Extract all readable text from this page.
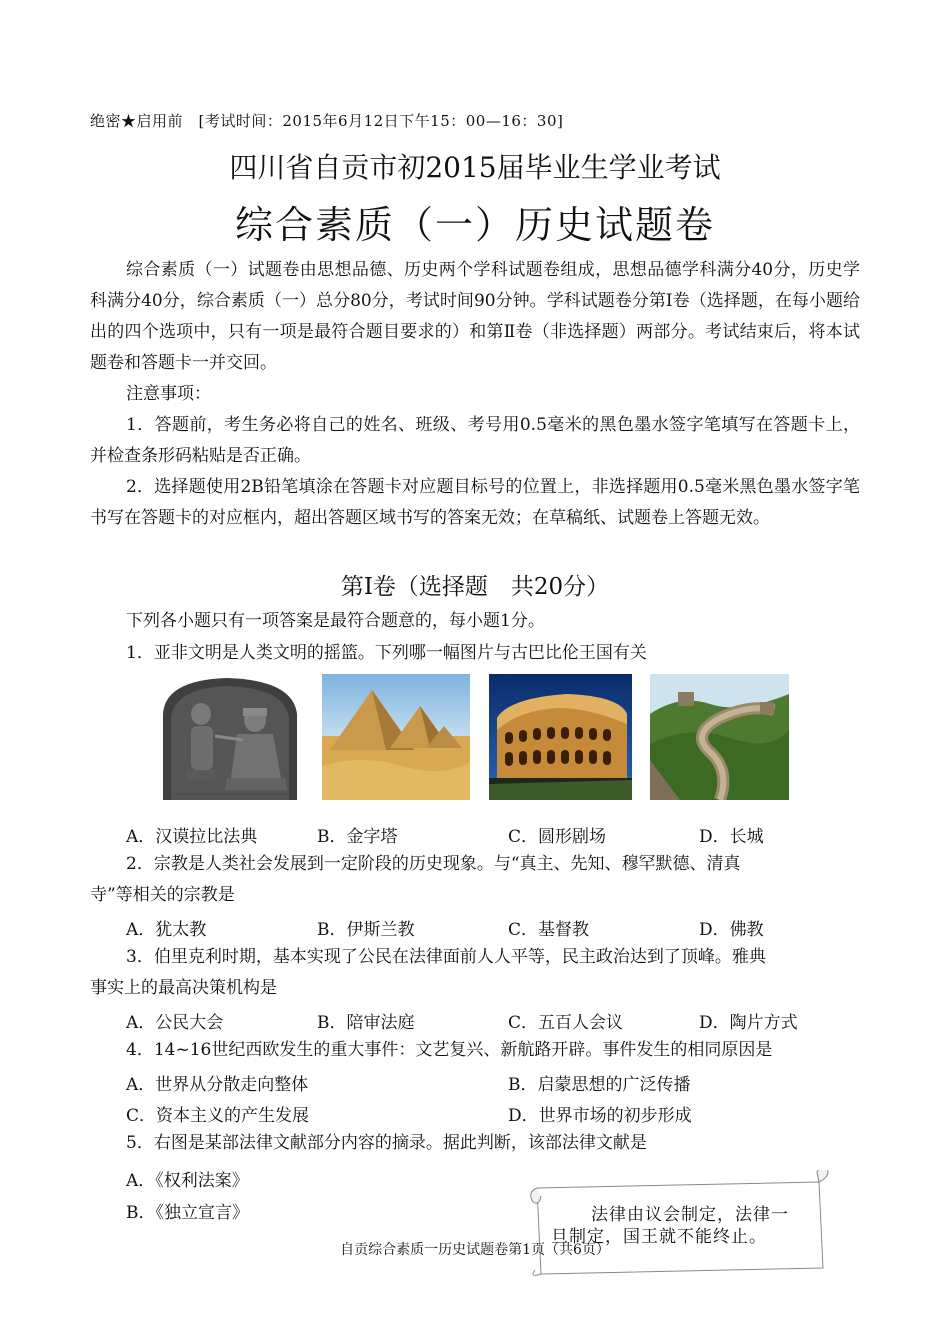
绝密★启用前　[考试时间：2015年6月12日下午15：00—16：30]
四川省自贡市初2015届毕业生学业考试
综合素质（一）历史试题卷
综合素质（一）试题卷由思想品德、历史两个学科试题卷组成，思想品德学科满分40分，历史学科满分40分，综合素质（一）总分80分，考试时间90分钟。学科试题卷分第Ⅰ卷（选择题，在每小题给出的四个选项中，只有一项是最符合题目要求的）和第Ⅱ卷（非选择题）两部分。考试结束后，将本试题卷和答题卡一并交回。
注意事项：
1．答题前，考生务必将自己的姓名、班级、考号用0.5毫米的黑色墨水签字笔填写在答题卡上，并检查条形码粘贴是否正确。
2．选择题使用2B铅笔填涂在答题卡对应题目标号的位置上，非选择题用0.5毫米黑色墨水签字笔书写在答题卡的对应框内，超出答题区域书写的答案无效；在草稿纸、试题卷上答题无效。
第Ⅰ卷（选择题　共20分）
下列各小题只有一项答案是最符合题意的，每小题1分。
1．亚非文明是人类文明的摇篮。下列哪一幅图片与古巴比伦王国有关
A．汉谟拉比法典	B．金字塔	C．圆形剧场	D．长城
2．宗教是人类社会发展到一定阶段的历史现象。与“真主、先知、穆罕默德、清真
寺”等相关的宗教是
A．犹太教	B．伊斯兰教	C．基督教	D．佛教
3．伯里克利时期，基本实现了公民在法律面前人人平等，民主政治达到了顶峰。雅典
事实上的最高决策机构是
A．公民大会	B．陪审法庭	C．五百人会议	D．陶片方式
4．14~16世纪西欧发生的重大事件：文艺复兴、新航路开辟。事件发生的相同原因是
A．世界从分散走向整体	B．启蒙思想的广泛传播
C．资本主义的产生发展	D．世界市场的初步形成
5．右图是某部法律文献部分内容的摘录。据此判断，该部法律文献是
A．《权利法案》
B．《独立宣言》	法律由议会制定，法律一
旦制定，国王就不能终止。
自贡综合素质一历史试题卷第1页（共6页）
